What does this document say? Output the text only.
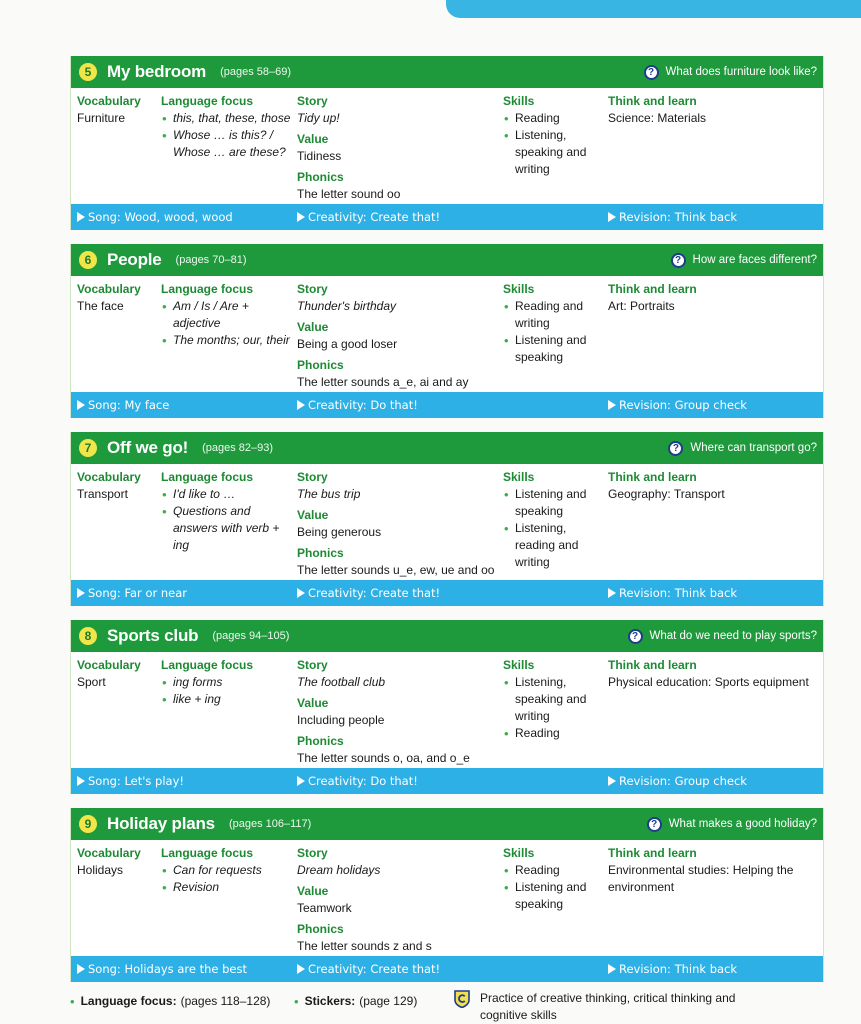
5 My bedroom (pages 58–69)	? What does furniture look like?
Vocabulary
Furniture
Language focus
• this, that, these, those
• Whose … is this? / Whose … are these?
Story
Tidy up!
Value
Tidiness
Phonics
The letter sound oo
Skills
• Reading
• Listening, speaking and writing
Think and learn
Science: Materials
Song: Wood, wood, wood	Creativity: Create that!	Revision: Think back
6 People (pages 70–81)	? How are faces different?
Vocabulary
The face
Language focus
• Am / Is / Are + adjective
• The months; our, their
Story
Thunder's birthday
Value
Being a good loser
Phonics
The letter sounds a_e, ai and ay
Skills
• Reading and writing
• Listening and speaking
Think and learn
Art: Portraits
Song: My face	Creativity: Do that!	Revision: Group check
7 Off we go! (pages 82–93)	? Where can transport go?
Vocabulary
Transport
Language focus
• I'd like to …
• Questions and answers with verb + ing
Story
The bus trip
Value
Being generous
Phonics
The letter sounds u_e, ew, ue and oo
Skills
• Listening and speaking
• Listening, reading and writing
Think and learn
Geography: Transport
Song: Far or near	Creativity: Create that!	Revision: Think back
8 Sports club (pages 94–105)	? What do we need to play sports?
Vocabulary
Sport
Language focus
• ing forms
• like + ing
Story
The football club
Value
Including people
Phonics
The letter sounds o, oa, and o_e
Skills
• Listening, speaking and writing
• Reading
Think and learn
Physical education: Sports equipment
Song: Let's play!	Creativity: Do that!	Revision: Group check
9 Holiday plans (pages 106–117)	? What makes a good holiday?
Vocabulary
Holidays
Language focus
• Can for requests
• Revision
Story
Dream holidays
Value
Teamwork
Phonics
The letter sounds z and s
Skills
• Reading
• Listening and speaking
Think and learn
Environmental studies: Helping the environment
Song: Holidays are the best	Creativity: Create that!	Revision: Think back
• Language focus: (pages 118–128) • Stickers: (page 129)	Practice of creative thinking, critical thinking and cognitive skills
